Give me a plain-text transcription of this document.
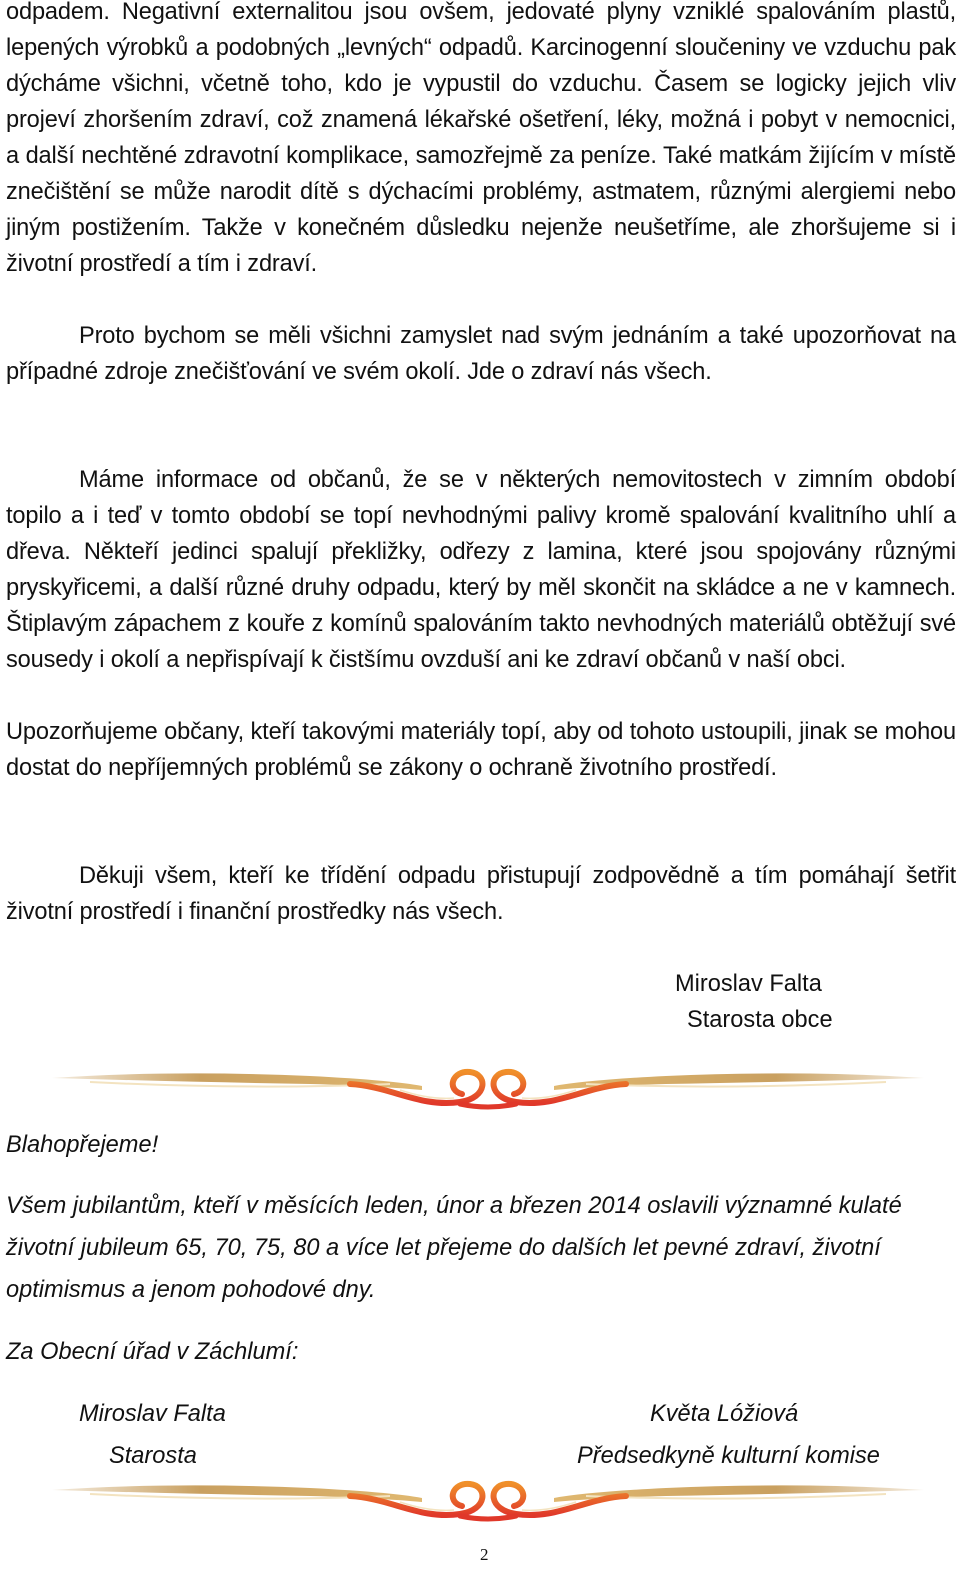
odpadem. Negativní externalitou jsou ovšem, jedovaté plyny vzniklé spalováním plastů, lepených výrobků a podobných „levných“ odpadů. Karcinogenní sloučeniny ve vzduchu pak dýcháme všichni, včetně toho, kdo je vypustil do vzduchu. Časem se logicky jejich vliv projeví zhoršením zdraví, což znamená lékařské ošetření, léky, možná i pobyt v nemocnici, a další nechtěné zdravotní komplikace, samozřejmě za peníze. Také matkám žijícím v místě znečištění se může narodit dítě s dýchacími problémy, astmatem, různými alergiemi nebo jiným postižením. Takže v konečném důsledku nejenže neušetříme, ale zhoršujeme si i životní prostředí a tím i zdraví.

Proto bychom se měli všichni zamyslet nad svým jednáním a také upozorňovat na případné zdroje znečišťování ve svém okolí. Jde o zdraví nás všech.

Máme informace od občanů, že se v některých nemovitostech v zimním období topilo a i teď v tomto období se topí nevhodnými palivy kromě spalování kvalitního uhlí a dřeva. Někteří jedinci spalují překližky, odřezy z lamina, které jsou spojovány různými pryskyřicemi, a další různé druhy odpadu, který by měl skončit na skládce a ne v kamnech. Štiplavým zápachem z kouře z komínů spalováním takto nevhodných materiálů obtěžují své sousedy i okolí a nepřispívají k čistšímu ovzduší ani ke zdraví občanů v naší obci.

Upozorňujeme občany, kteří takovými materiály topí, aby od tohoto ustoupili, jinak se mohou dostat do nepříjemných problémů se zákony o ochraně životního prostředí.

Děkuji všem, kteří ke třídění odpadu přistupují zodpovědně a tím pomáhají šetřit životní prostředí i finanční prostředky nás všech.

Miroslav Falta
Starosta obce
Blahopřejeme!

Všem jubilantům, kteří v měsících leden, únor a březen 2014 oslavili významné kulaté životní jubileum 65, 70, 75, 80 a více let přejeme do dalších let pevné zdraví, životní optimismus a jenom pohodové dny.

Za Obecní úřad v Záchlumí:
Miroslav Falta
Starosta
Květa Lóžiová
Předsedkyně kulturní komise
2
